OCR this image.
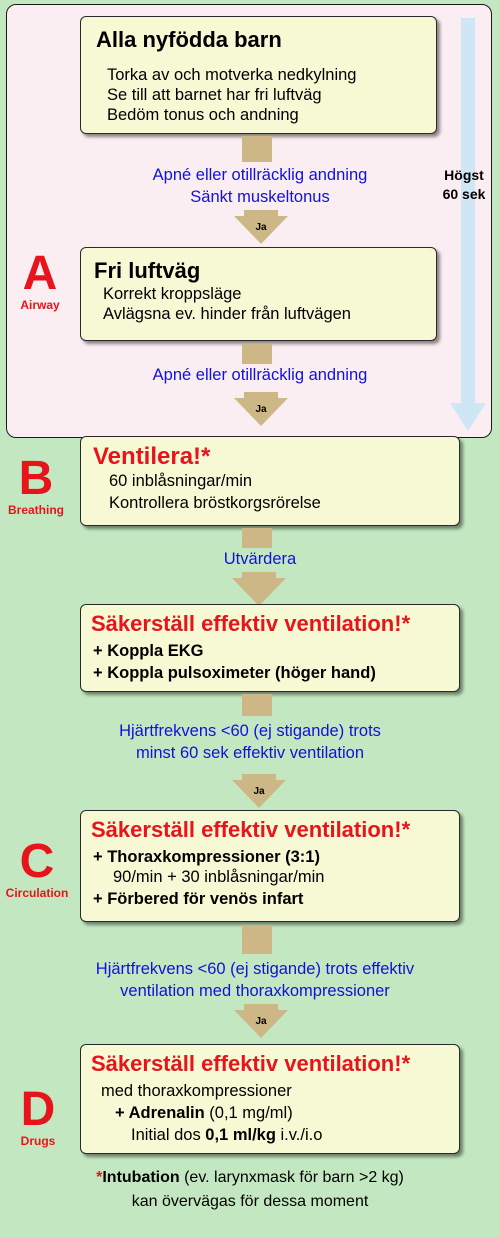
Högst
60 sek
Alla nyfödda barn
Torka av och motverka nedkylning
Se till att barnet har fri luftväg
Bedöm tonus och andning
Apné eller otillräcklig andning
Sänkt muskeltonus
Ja
A
Airway
Fri luftväg
Korrekt kroppsläge
Avlägsna ev. hinder från luftvägen
Apné eller otillräcklig andning
Ja
B
Breathing
Ventilera!*
60 inblåsningar/min
Kontrollera bröstkorgsrörelse
Utvärdera
Säkerställ effektiv ventilation!*
+ Koppla EKG
+ Koppla pulsoximeter (höger hand)
Hjärtfrekvens <60 (ej stigande) trots
minst 60 sek effektiv ventilation
Ja
C
Circulation
Säkerställ effektiv ventilation!*
+ Thoraxkompressioner (3:1)
90/min + 30 inblåsningar/min
+ Förbered för venös infart
Hjärtfrekvens <60 (ej stigande) trots effektiv
ventilation med thoraxkompressioner
Ja
D
Drugs
Säkerställ effektiv ventilation!*
med thoraxkompressioner
+ Adrenalin (0,1 mg/ml)
Initial dos 0,1 ml/kg i.v./i.o
*Intubation (ev. larynxmask för barn >2 kg)
kan övervägas för dessa moment
